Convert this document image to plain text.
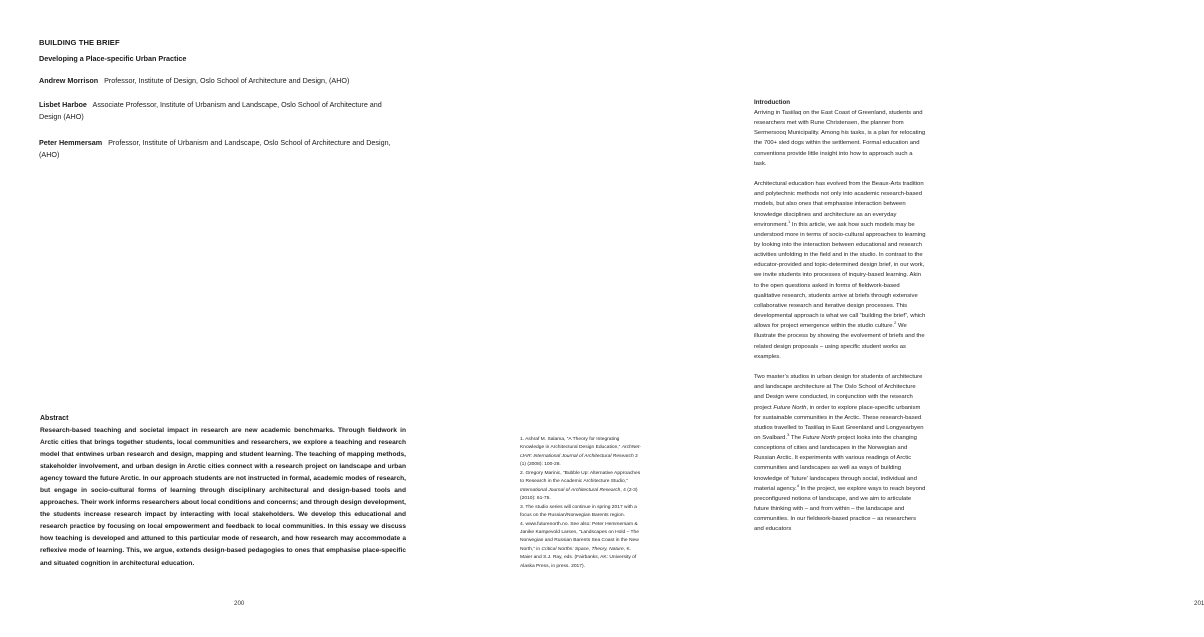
BUILDING THE BRIEF
Developing a Place-specific Urban Practice
Andrew Morrison Professor, Institute of Design, Oslo School of Architecture and Design, (AHO)
Lisbet Harboe Associate Professor, Institute of Urbanism and Landscape, Oslo School of Architecture and Design (AHO)
Peter Hemmersam Professor, Institute of Urbanism and Landscape, Oslo School of Architecture and Design, (AHO)
Abstract
Research-based teaching and societal impact in research are new academic benchmarks. Through fieldwork in Arctic cities that brings together students, local communities and researchers, we explore a teaching and research model that entwines urban research and design, mapping and student learning. The teaching of mapping methods, stakeholder involvement, and urban design in Arctic cities connect with a research project on landscape and urban agency toward the future Arctic. In our approach students are not instructed in formal, academic modes of research, but engage in socio-cultural forms of learning through disciplinary architectural and design-based tools and approaches. Their work informs researchers about local conditions and concerns; and through design development, the students increase research impact by interacting with local stakeholders. We develop this educational and research practice by focusing on local empowerment and feedback to local communities. In this essay we discuss how teaching is developed and attuned to this particular mode of research, and how research may accommodate a reflexive mode of learning. This, we argue, extends design-based pedagogies to ones that emphasise place-specific and situated cognition in architectural education.
200	201

1. Ashraf M. Salama, “A Theory for Integrating Knowledge in Architectural Design Education,” ArchNet-IJAR: International Journal of Architectural Research 2 (1) (2008): 100-28.

2. Gregory Marinic, “Bubble Up: Alternative Approaches to Research in the Academic Architecture Studio,” International Journal of Architectural Research, 4 (2-3) (2010): 61-75.

3. The studio series will continue in spring 2017 with a focus on the Russian/Norwegian Barents region.

4. www.futurenorth.no. See also: Peter Hemmersam & Janike Kampevold Larsen, “Landscapes on Hold – The Norwegian and Russian Barents Sea Coast in the New North,” in Critical Norths: Space, Theory, Nature, K. Maier and S.J. Ray, eds. (Fairbanks, AK: University of Alaska Press, in press. 2017).

Introduction

Arriving in Tasiilaq on the East Coast of Greenland, students and researchers met with Rune Christensen, the planner from Sermersooq Municipality. Among his tasks, is a plan for relocating the 700+ sled dogs within the settlement. Formal education and conventions provide little insight into how to approach such a task.

Architectural education has evolved from the Beaux-Arts tradition and polytechnic methods not only into academic research-based models, but also ones that emphasise interaction between knowledge disciplines and architecture as an everyday environment.$^1$ In this article, we ask how such models may be understood more in terms of socio-cultural approaches to learning by looking into the interaction between educational and research activities unfolding in the field and in the studio. In contrast to the educator-provided and topic-determined design brief, in our work, we invite students into processes of inquiry-based learning. Akin to the open questions asked in forms of fieldwork-based qualitative research, students arrive at briefs through extensive collaborative research and iterative design processes. This developmental approach is what we call “building the brief”, which allows for project emergence within the studio culture.$^2$ We illustrate the process by showing the evolvement of briefs and the related design proposals – using specific student works as examples.

Two master’s studios in urban design for students of architecture and landscape architecture at The Oslo School of Architecture and Design were conducted, in conjunction with the research project Future North, in order to explore place-specific urbanism for sustainable communities in the Arctic. These research-based studios travelled to Tasiilaq in East Greenland and Longyearbyen on Svalbard.$^3$ The Future North project looks into the changing conceptions of cities and landscapes in the Norwegian and Russian Arctic. It experiments with various readings of Arctic communities and landscapes as well as ways of building knowledge of ‘future’ landscapes through social, individual and material agency.$^4$ In the project, we explore ways to reach beyond preconfigured notions of landscape, and we aim to articulate future thinking with – and from within – the landscape and communities. In our fieldwork-based practice – as researchers and educators
